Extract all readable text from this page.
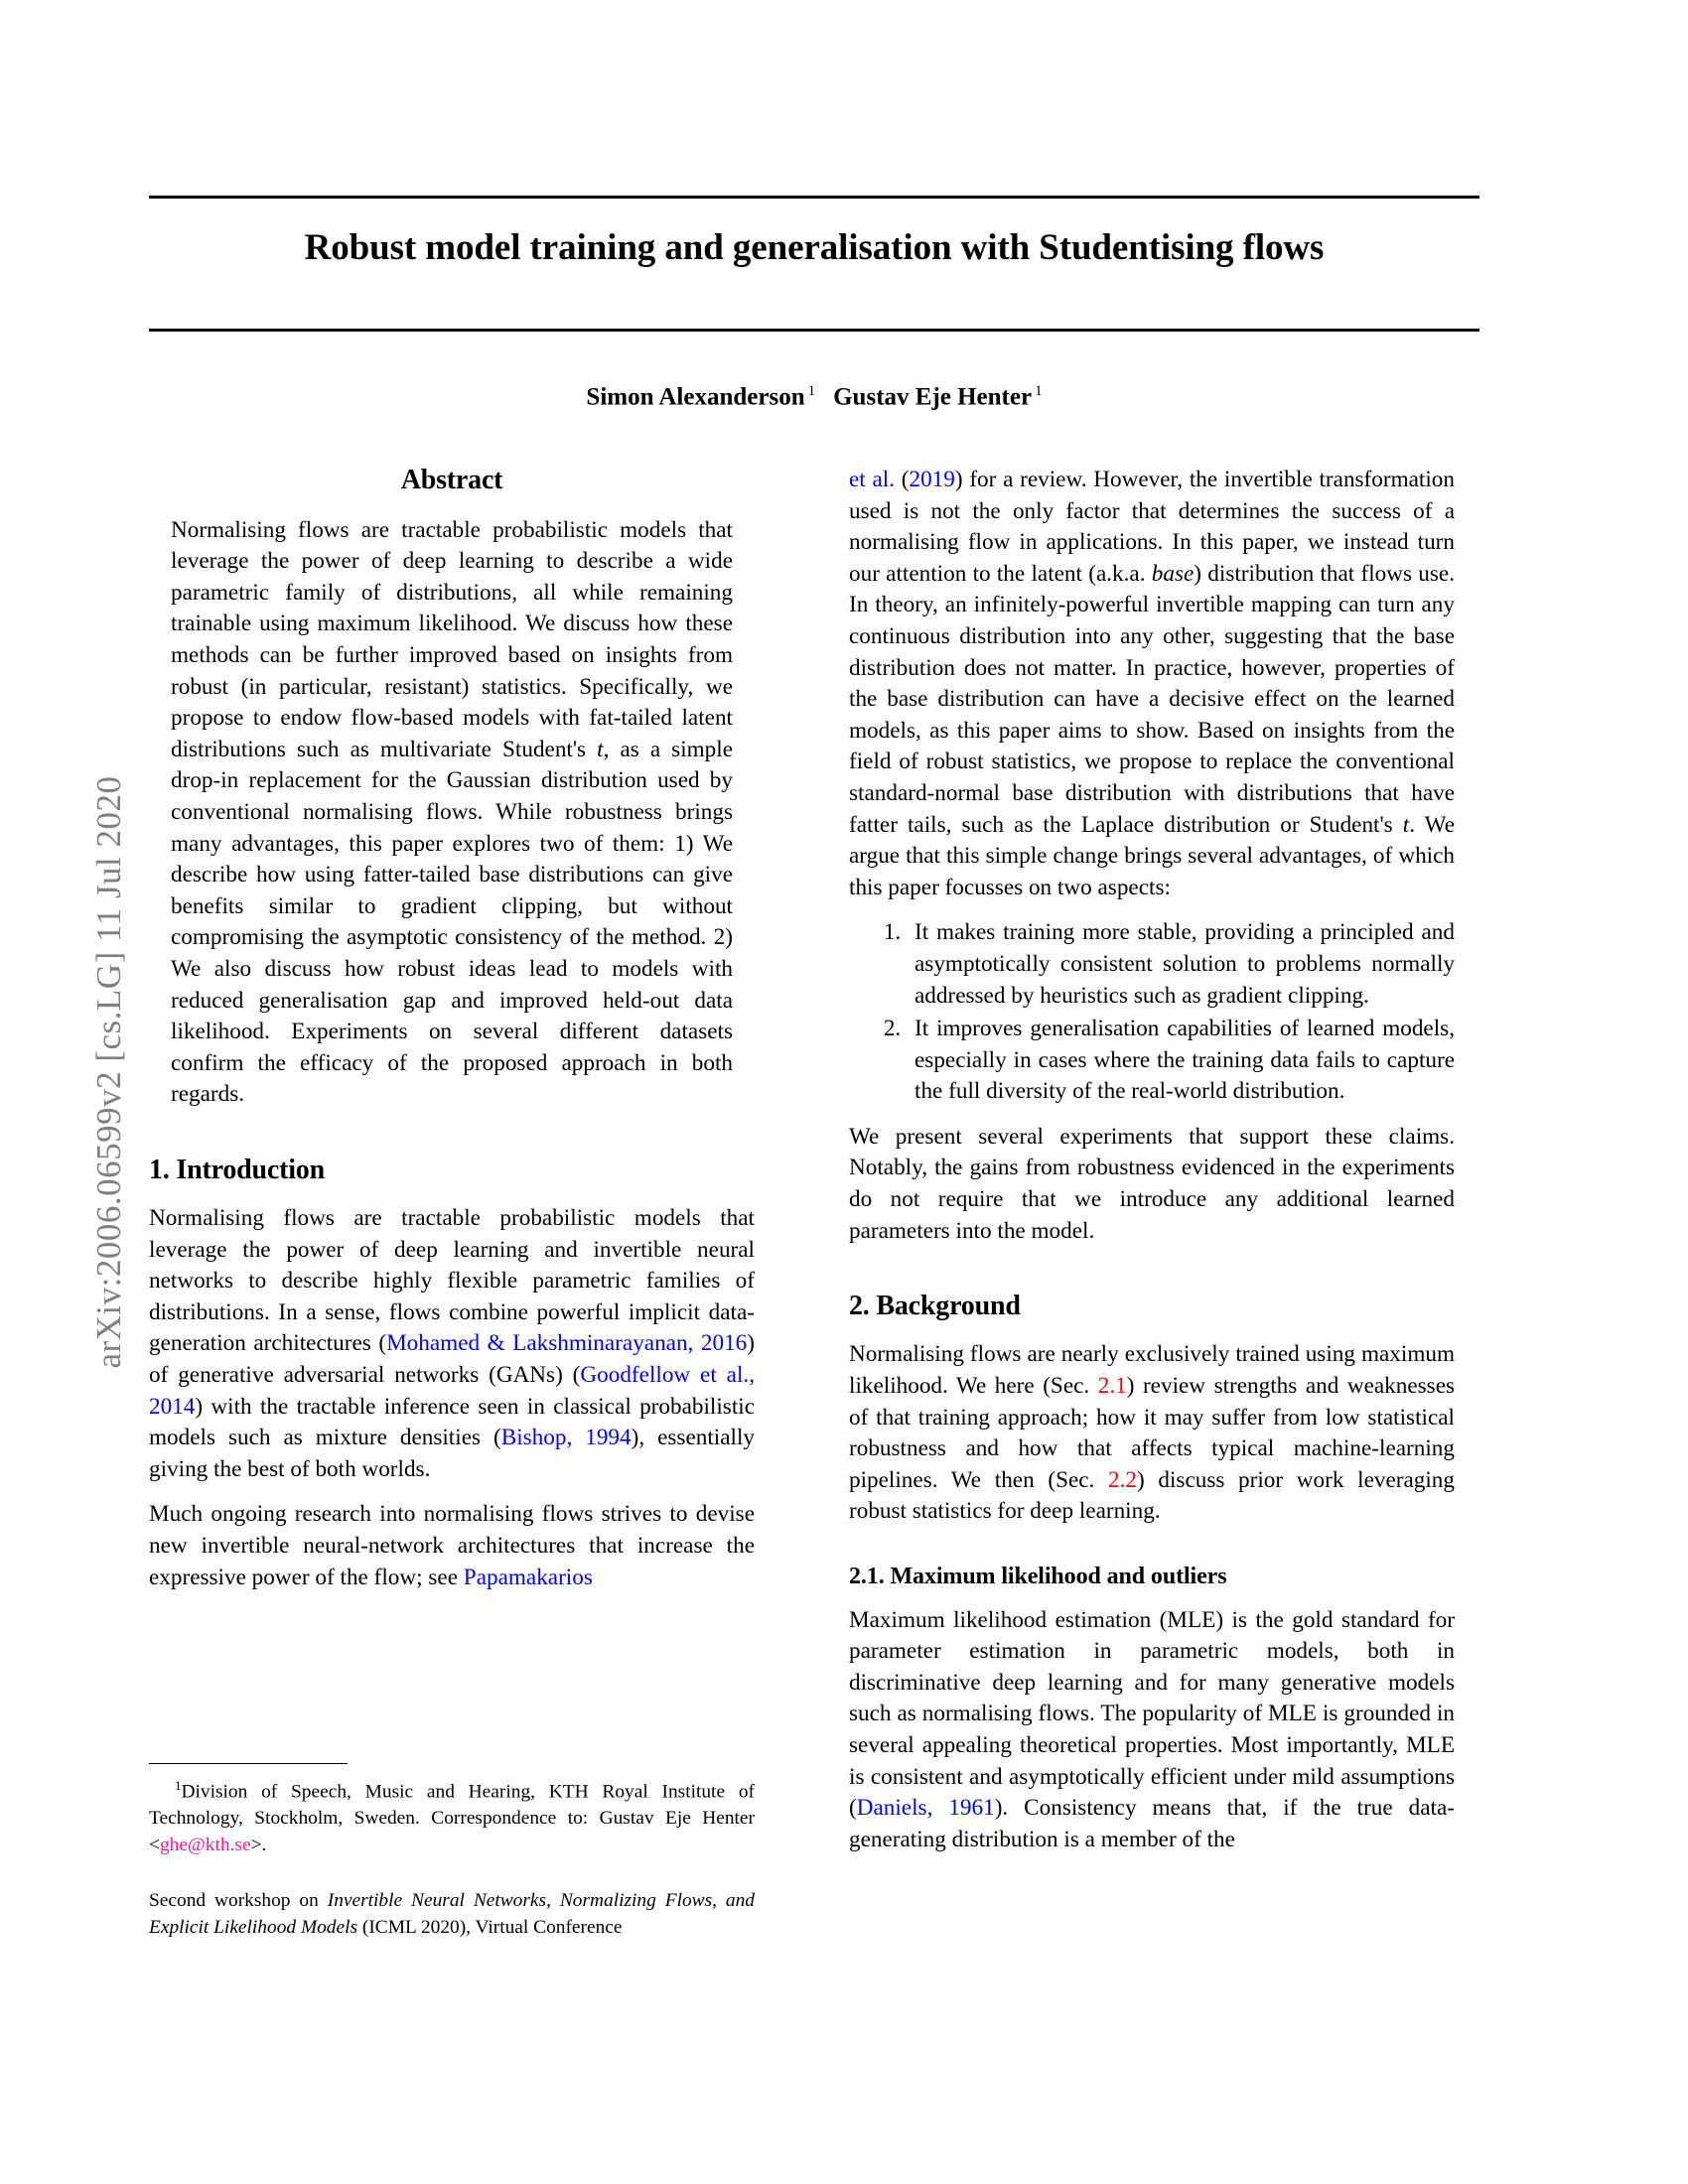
arXiv:2006.06599v2 [cs.LG] 11 Jul 2020
Robust model training and generalisation with Studentising flows
Simon Alexanderson $^1$ Gustav Eje Henter $^1$
Abstract
Normalising flows are tractable probabilistic models that leverage the power of deep learning to describe a wide parametric family of distributions, all while remaining trainable using maximum likelihood. We discuss how these methods can be further improved based on insights from robust (in particular, resistant) statistics. Specifically, we propose to endow flow-based models with fat-tailed latent distributions such as multivariate Student's t, as a simple drop-in replacement for the Gaussian distribution used by conventional normalising flows. While robustness brings many advantages, this paper explores two of them: 1) We describe how using fatter-tailed base distributions can give benefits similar to gradient clipping, but without compromising the asymptotic consistency of the method. 2) We also discuss how robust ideas lead to models with reduced generalisation gap and improved held-out data likelihood. Experiments on several different datasets confirm the efficacy of the proposed approach in both regards.
1. Introduction

Normalising flows are tractable probabilistic models that leverage the power of deep learning and invertible neural networks to describe highly flexible parametric families of distributions. In a sense, flows combine powerful implicit data-generation architectures (Mohamed & Lakshminarayanan, 2016) of generative adversarial networks (GANs) (Goodfellow et al., 2014) with the tractable inference seen in classical probabilistic models such as mixture densities (Bishop, 1994), essentially giving the best of both worlds.

Much ongoing research into normalising flows strives to devise new invertible neural-network architectures that increase the expressive power of the flow; see Papamakarios

$^1$Division of Speech, Music and Hearing, KTH Royal Institute of Technology, Stockholm, Sweden. Correspondence to: Gustav Eje Henter <ghe@kth.se>.

Second workshop on Invertible Neural Networks, Normalizing Flows, and Explicit Likelihood Models (ICML 2020), Virtual Conference

et al. (2019) for a review. However, the invertible transformation used is not the only factor that determines the success of a normalising flow in applications. In this paper, we instead turn our attention to the latent (a.k.a. base) distribution that flows use. In theory, an infinitely-powerful invertible mapping can turn any continuous distribution into any other, suggesting that the base distribution does not matter. In practice, however, properties of the base distribution can have a decisive effect on the learned models, as this paper aims to show. Based on insights from the field of robust statistics, we propose to replace the conventional standard-normal base distribution with distributions that have fatter tails, such as the Laplace distribution or Student's t. We argue that this simple change brings several advantages, of which this paper focusses on two aspects:

1. It makes training more stable, providing a principled and asymptotically consistent solution to problems normally addressed by heuristics such as gradient clipping.
2. It improves generalisation capabilities of learned models, especially in cases where the training data fails to capture the full diversity of the real-world distribution.

We present several experiments that support these claims. Notably, the gains from robustness evidenced in the experiments do not require that we introduce any additional learned parameters into the model.

2. Background

Normalising flows are nearly exclusively trained using maximum likelihood. We here (Sec. 2.1) review strengths and weaknesses of that training approach; how it may suffer from low statistical robustness and how that affects typical machine-learning pipelines. We then (Sec. 2.2) discuss prior work leveraging robust statistics for deep learning.

2.1. Maximum likelihood and outliers

Maximum likelihood estimation (MLE) is the gold standard for parameter estimation in parametric models, both in discriminative deep learning and for many generative models such as normalising flows. The popularity of MLE is grounded in several appealing theoretical properties. Most importantly, MLE is consistent and asymptotically efficient under mild assumptions (Daniels, 1961). Consistency means that, if the true data-generating distribution is a member of the
